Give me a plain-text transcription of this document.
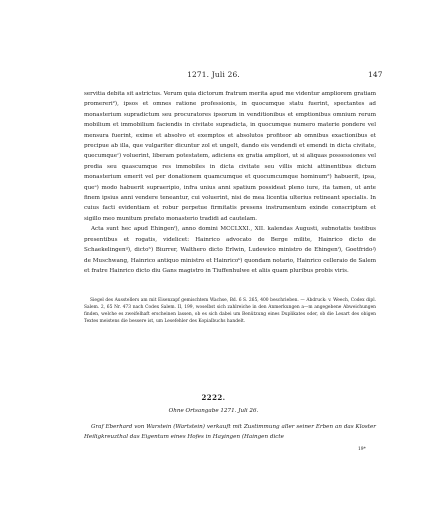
1271. Juli 26.	147

servitia debita sit astrictus. Verum quia dictorum fratrum merita apud me videntur ampliorem gratiam promereri²), ipsos et omnes ratione professionis, in quocumque statu fuerint, spectantes ad monasterium supradictum seu procuratores ipsorum in venditionibus et emptionibus omnium rerum mobilium et immobilium faciendis in civitate supradicta, in quocumque numero materie pondere vel mensura fuerint, exime et absolvo et exemptos et absolutos profiteor ab omnibus exactionibus et precipue ab illa, que vulgariter dicuntur zol et ungelt, dando eis vendendi et emendi in dicta civitate, quecumqueᶜ) voluerint, liberam potestatem, adiciens ex gratia ampliori, ut si aliquas possessiones vel predia seu quascumque res immobiles in dicta civitate seu villis michi attinentibus dictum monasterium emerit vel per donationem quamcumque et quocumcumque hominumᵈ) habuerit, ipsa, queᵉ) modo habuerit supraeripio, infra unius anni spatium possideat pleno iure, ita tamen, ut ante finem ipsius anni vendere teneantur, cui voluerint, nisi de mea licentia ulterius retineant specialis. In cuius facti evidentiam et robur perpetue firmitatis presens instrumentum exinde conscriptum et sigillo meo munitum prefato monasterio tradidi ad cautelam.

Acta sunt hec apud Ehingenᶠ), anno domini MCCLXXI., XII. kalendas Augusti, subnotatis testibus presentibus et rogatis, videlicet: Hainrico advocato de Berge milite, Hainrico dicto de Schaekelingenᵍ), dictoʰ) Biurrer, Walthero dicto Erlwin, Ludewico ministro de Ehingenⁱ), Goetfridoʲ) de Muschwang, Hainrico antiquo ministro et Hainricoᵏ) quondam notario, Hainrico celleraio de Salem et fratre Hainrico dicto diu Gans magistro in Tiuffenhulwe et aliis quam pluribus probis viris.

Siegel des Ausstellers am mit Eisenzapf gemischtem Wachse, Bd. 6 S. 265, 400 beschrieben. — Abdruck: v. Weech, Codex dipl. Salem. 2, 65 Nr. 473 nach Codex Salem. II, 199, woselbst sich zahlreiche in den Anmerkungen a—m angegebene Abweichungen finden, welche es zweifelhaft erscheinen lassen, ob es sich dabei um Benützung eines Duplikates oder, ob die Lesart des obigen Textes meistens die bessere ist, um Lesefehler des Kopialbuchs handelt.

2222.
Ohne Ortsangabe 1271. Juli 26.

Graf Eberhard von Warstein (Wartstein) verkauft mit Zustimmung aller seiner Erben an das Kloster Heiligkreuzthal das Eigentum eines Hofes in Hayingen (Haingen dicte

19*
